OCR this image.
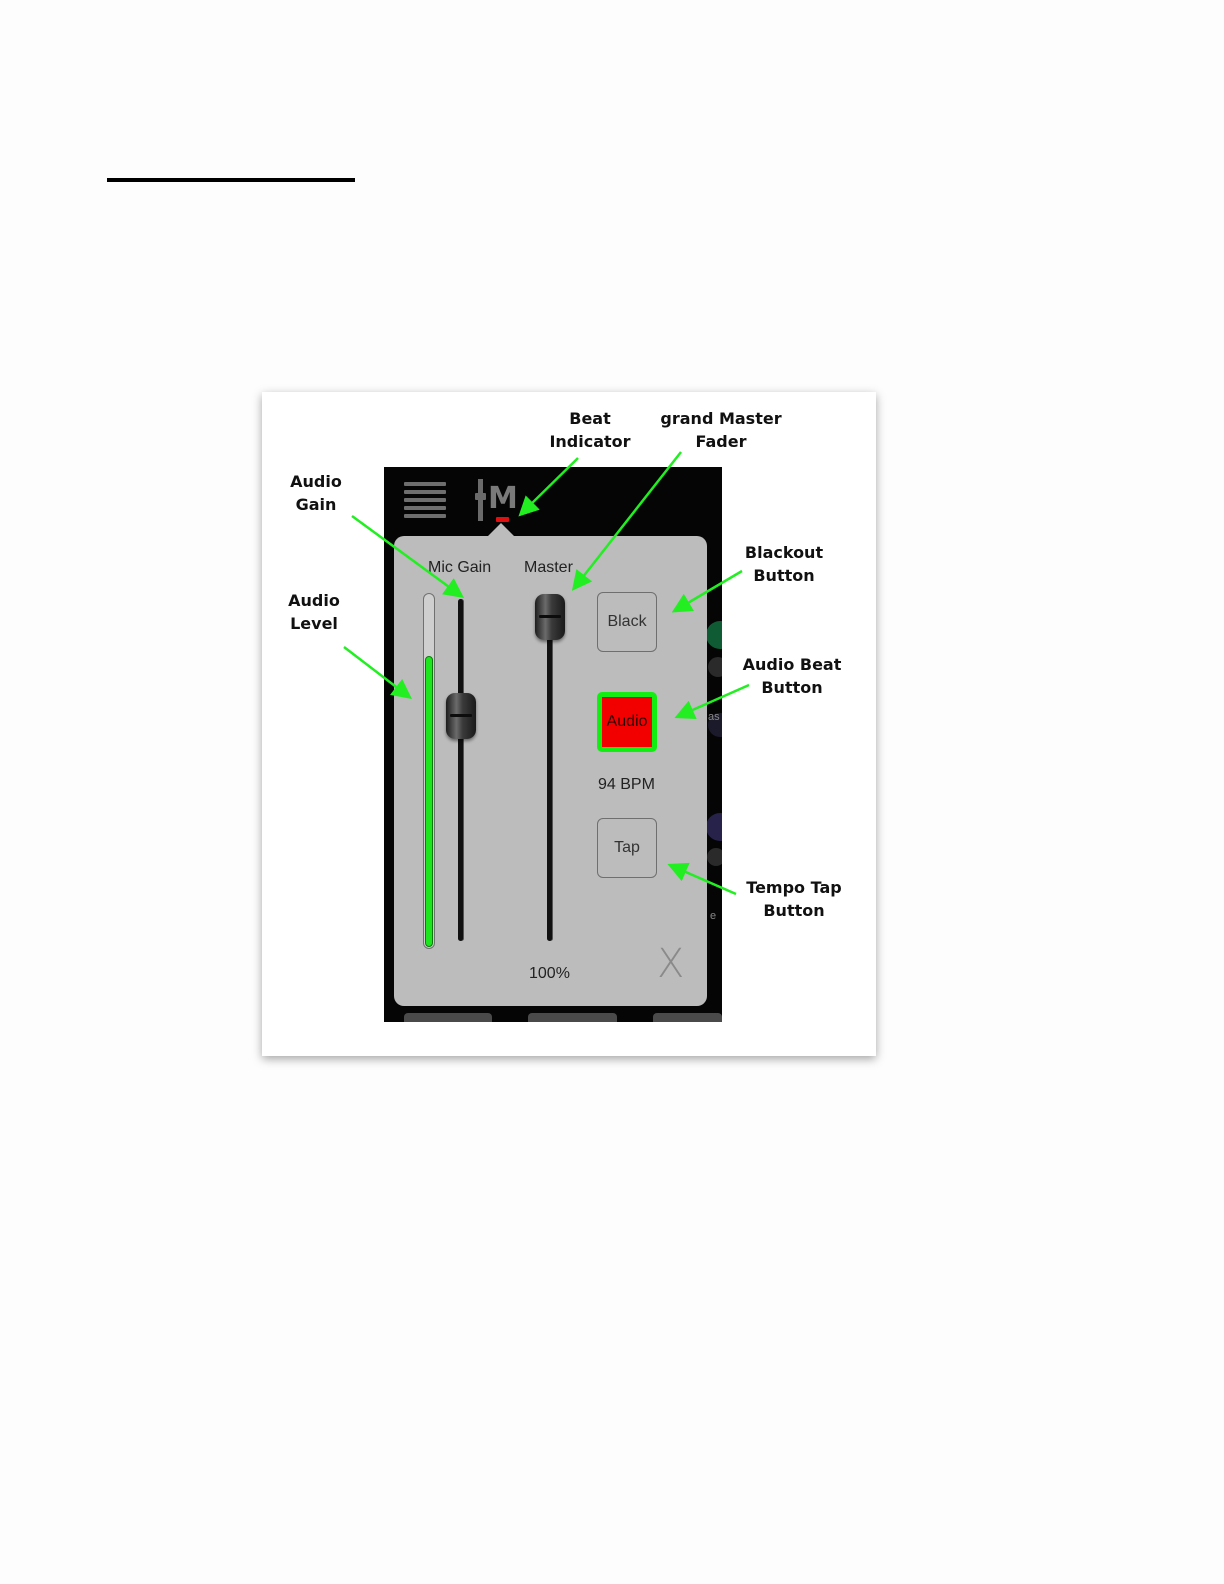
Beat
Indicator
grand Master
Fader
Audio
Gain
Audio
Level
Blackout
Button
Audio Beat
Button
Tempo Tap
Button
M
as
e
Mic Gain Master
100%
Black
Audio
94 BPM
Tap
X
